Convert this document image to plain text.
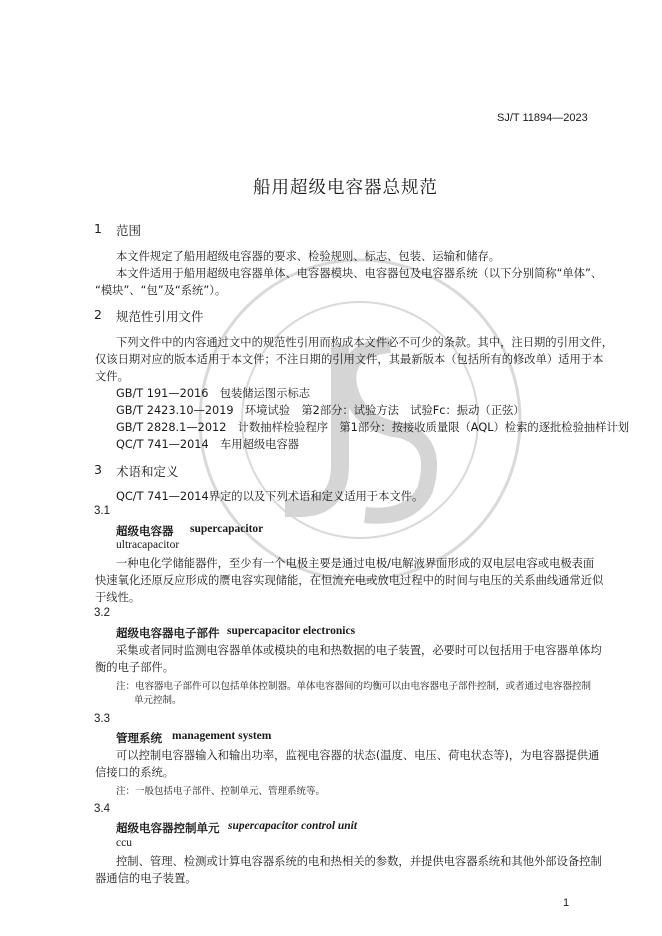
SJ/T 11894—2023
船用超级电容器总规范
1 范围
本文件规定了船用超级电容器的要求、检验规则、标志、包装、运输和储存。
本文件适用于船用超级电容器单体、电容器模块、电容器包及电容器系统（以下分别简称“单体”、
“模块”、“包”及“系统”）。
2 规范性引用文件
下列文件中的内容通过文中的规范性引用而构成本文件必不可少的条款。其中，注日期的引用文件，
仅该日期对应的版本适用于本文件；不注日期的引用文件，其最新版本（包括所有的修改单）适用于本
文件。
GB/T 191—2016　包装储运图示标志
GB/T 2423.10—2019　环境试验　第2部分：试验方法　试验Fc：振动（正弦）
GB/T 2828.1—2012　计数抽样检验程序　第1部分：按接收质量限（AQL）检索的逐批检验抽样计划
QC/T 741—2014　车用超级电容器
3 术语和定义
QC/T 741—2014界定的以及下列术语和定义适用于本文件。
3.1
超级电容器 supercapacitor
ultracapacitor
一种电化学储能器件，至少有一个电极主要是通过电极/电解液界面形成的双电层电容或电极表面
快速氧化还原反应形成的赝电容实现储能，在恒流充电或放电过程中的时间与电压的关系曲线通常近似
于线性。
3.2
超级电容器电子部件 supercapacitor electronics
采集或者同时监测电容器单体或模块的电和热数据的电子装置，必要时可以包括用于电容器单体均
衡的电子部件。
注：电容器电子部件可以包括单体控制器。单体电容器间的均衡可以由电容器电子部件控制，或者通过电容器控制
单元控制。
3.3
管理系统 management system
可以控制电容器输入和输出功率，监视电容器的状态(温度、电压、荷电状态等)，为电容器提供通
信接口的系统。
注：一般包括电子部件、控制单元、管理系统等。
3.4
超级电容器控制单元 supercapacitor control unit
ccu
控制、管理、检测或计算电容器系统的电和热相关的参数，并提供电容器系统和其他外部设备控制
器通信的电子装置。
1
